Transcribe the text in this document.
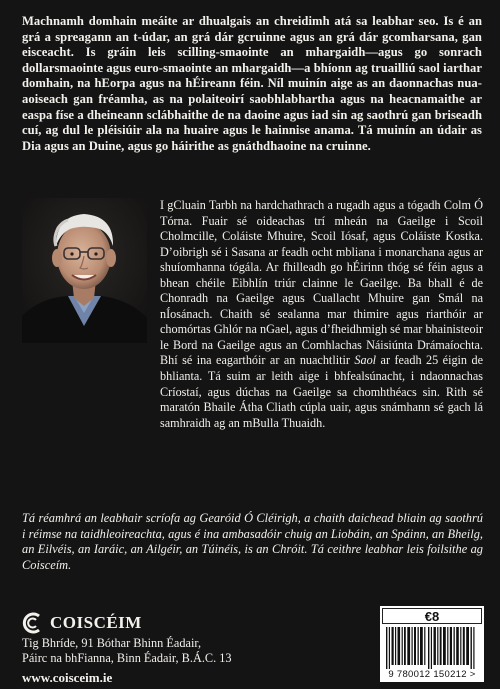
Machnamh domhain meáite ar dhualgais an chreidimh atá sa leabhar seo. Is é an grá a spreagann an t-údar, an grá dár gcruinne agus an grá dár gcomharsana, gan eisceacht. Is gráin leis scilling-smaointe an mhargaidh—agus go sonrach dollarsmaointe agus euro-smaointe an mhargaidh—a bhíonn ag truailliú saol iarthar domhain, na hEorpa agus na hÉireann féin. Níl muinín aige as an daonnachas nua-aoiseach gan fréamha, as na polaiteoirí saobhlabhartha agus na heacnamaithe ar easpa físe a dheineann sclábhaithe de na daoine agus iad sin ag saothrú gan briseadh cuí, ag dul le pléisiúir ala na huaire agus le hainnise anama. Tá muinín an údair as Dia agus an Duine, agus go háirithe as gnáthdhaoine na cruinne.

I gCluain Tarbh na hardchathrach a rugadh agus a tógadh Colm Ó Tórna. Fuair sé oideachas trí mheán na Gaeilge i Scoil Cholmcille, Coláiste Mhuire, Scoil Iósaf, agus Coláiste Kostka. D’oibrigh sé i Sasana ar feadh ocht mbliana i monarchana agus ar shuíomhanna tógála. Ar fhilleadh go hÉirinn thóg sé féin agus a bhean chéile Eibhlín triúr clainne le Gaeilge. Ba bhall é de Chonradh na Gaeilge agus Cuallacht Mhuire gan Smál na nÍosánach. Chaith sé sealanna mar thimire agus riarthóir ar chomórtas Ghlór na nGael, agus d’fheidhmigh sé mar bhainisteoir le Bord na Gaeilge agus an Comhlachas Náisiúnta Drámaíochta. Bhí sé ina eagarthóir ar an nuachtlitir Saol ar feadh 25 éigin de bhlianta. Tá suim ar leith aige i bhfealsúnacht, i ndaonnachas Críostaí, agus dúchas na Gaeilge sa chomhthéacs sin. Rith sé maratón Bhaile Átha Cliath cúpla uair, agus snámhann sé gach lá samhraidh ag an mBulla Thuaidh.

Tá réamhrá an leabhair scríofa ag Gearóid Ó Cléirigh, a chaith daichead bliain ag saothrú i réimse na taidhleoireachta, agus é ina ambasadóir chuig an Liobáin, an Spáinn, an Bheilg, an Eilvéis, an Iaráic, an Ailgéir, an Túinéis, is an Chróit. Tá ceithre leabhar leis foilsithe ag Coisceím.
COISCÉIM
Tig Bhríde, 91 Bóthar Bhinn Éadair,
Páirc na bhFianna, Binn Éadair, B.Á.C. 13
www.coisceim.ie
€8
9 780012 150212 >
